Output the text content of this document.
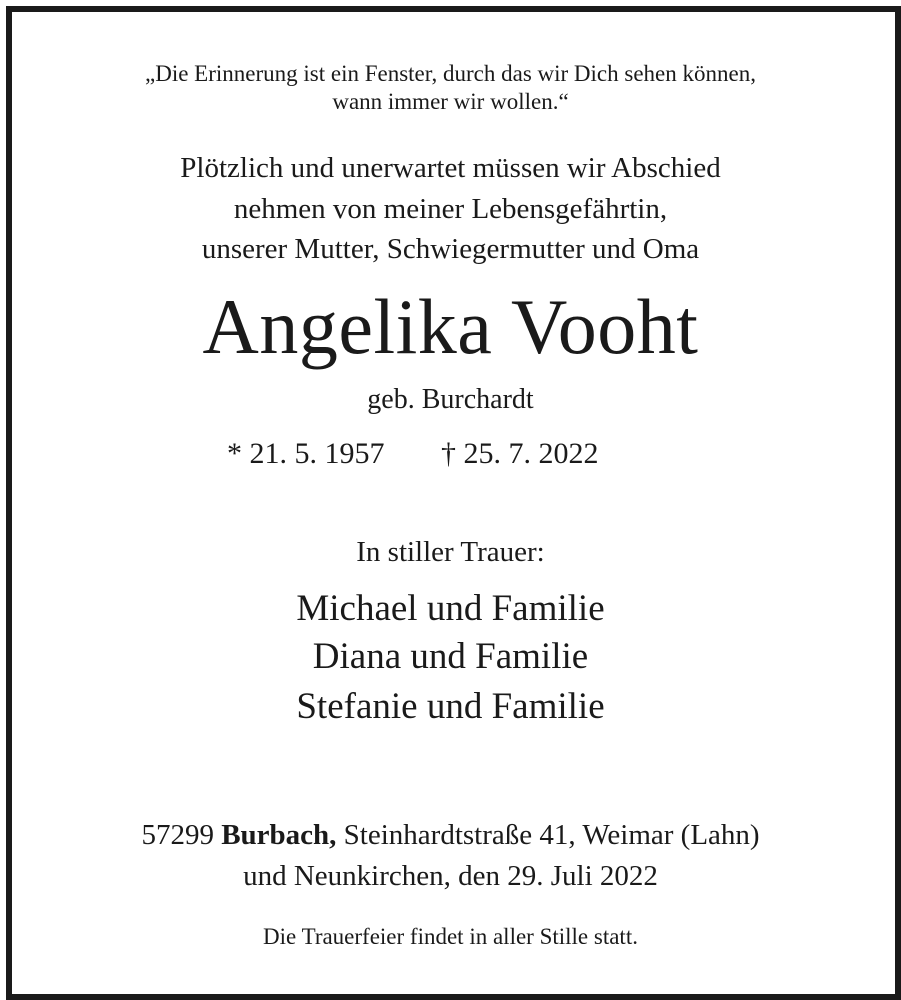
„Die Erinnerung ist ein Fenster, durch das wir Dich sehen können,
wann immer wir wollen.“
Plötzlich und unerwartet müssen wir Abschied
nehmen von meiner Lebensgefährtin,
unserer Mutter, Schwiegermutter und Oma
Angelika Vooht
geb. Burchardt
* 21. 5. 1957 † 25. 7. 2022
In stiller Trauer:
Michael und Familie
Diana und Familie
Stefanie und Familie
57299 Burbach, Steinhardtstraße 41, Weimar (Lahn)
und Neunkirchen, den 29. Juli 2022
Die Trauerfeier findet in aller Stille statt.
